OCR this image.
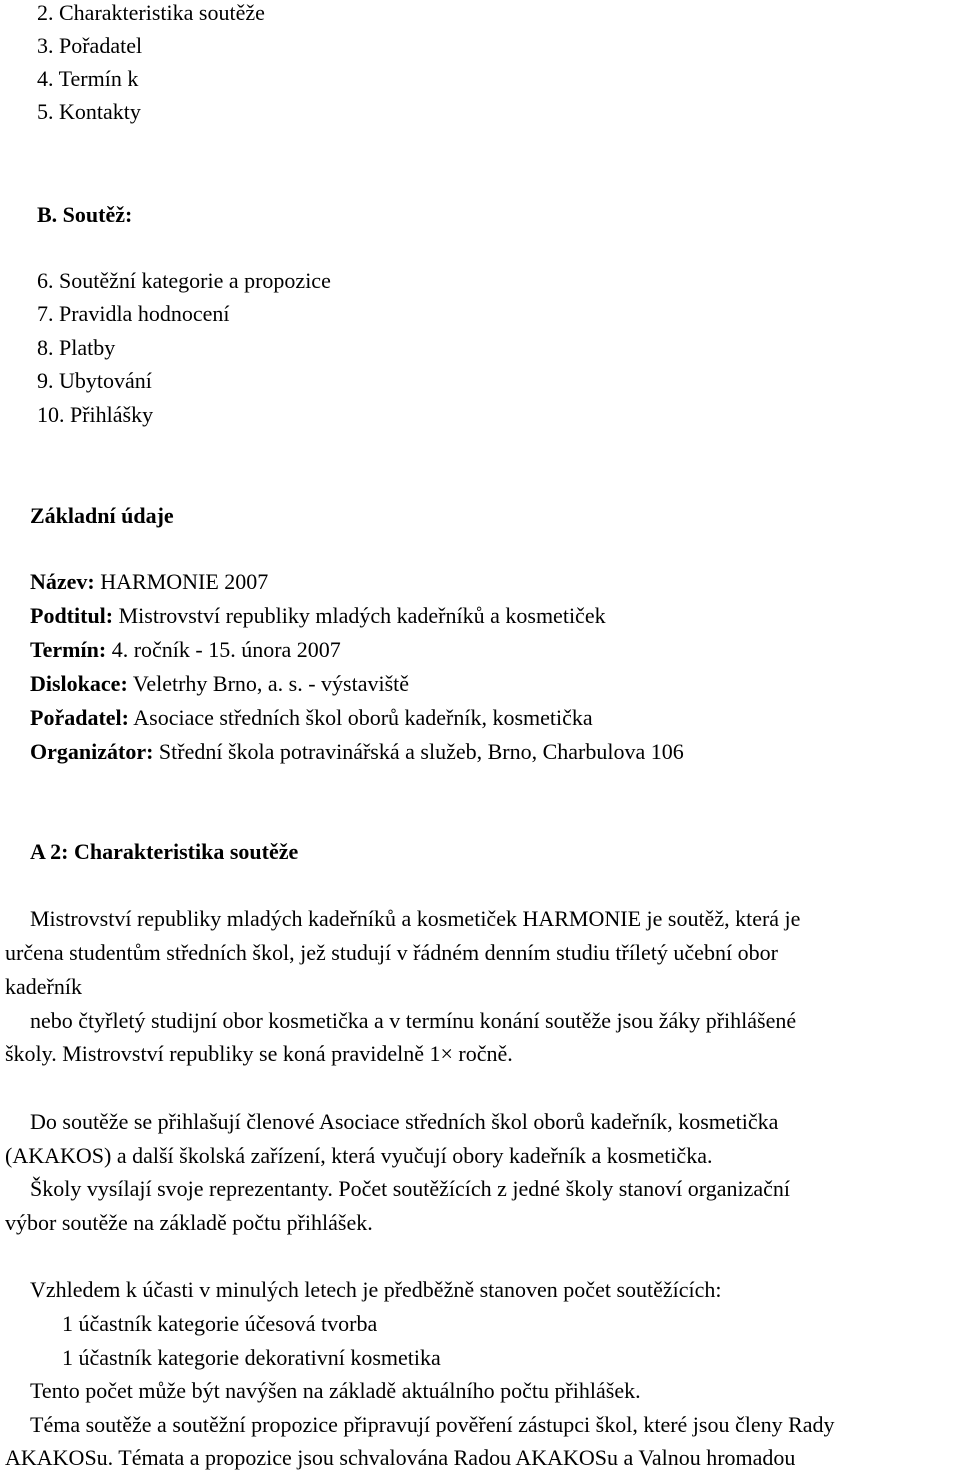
2. Charakteristika soutěže
3. Pořadatel
4. Termín k
5. Kontakty
B. Soutěž:
6. Soutěžní kategorie a propozice
7. Pravidla hodnocení
8. Platby
9. Ubytování
10. Přihlášky
Základní údaje
Název: HARMONIE 2007
Podtitul: Mistrovství republiky mladých kadeřníků a kosmetiček
Termín: 4. ročník - 15. února 2007
Dislokace: Veletrhy Brno, a. s. - výstaviště
Pořadatel: Asociace středních škol oborů kadeřník, kosmetička
Organizátor: Střední škola potravinářská a služeb, Brno, Charbulova 106
A 2: Charakteristika soutěže
Mistrovství republiky mladých kadeřníků a kosmetiček HARMONIE je soutěž, která je
určena studentům středních škol, jež studují v řádném denním studiu tříletý učební obor
kadeřník
nebo čtyřletý studijní obor kosmetička a v termínu konání soutěže jsou žáky přihlášené
školy. Mistrovství republiky se koná pravidelně 1× ročně.
Do soutěže se přihlašují členové Asociace středních škol oborů kadeřník, kosmetička
(AKAKOS) a další školská zařízení, která vyučují obory kadeřník a kosmetička.
Školy vysílají svoje reprezentanty. Počet soutěžících z jedné školy stanoví organizační
výbor soutěže na základě počtu přihlášek.
Vzhledem k účasti v minulých letech je předběžně stanoven počet soutěžících:
1 účastník kategorie účesová tvorba
1 účastník kategorie dekorativní kosmetika
Tento počet může být navýšen na základě aktuálního počtu přihlášek.
Téma soutěže a soutěžní propozice připravují pověření zástupci škol, které jsou členy Rady
AKAKOSu. Témata a propozice jsou schvalována Radou AKAKOSu a Valnou hromadou
